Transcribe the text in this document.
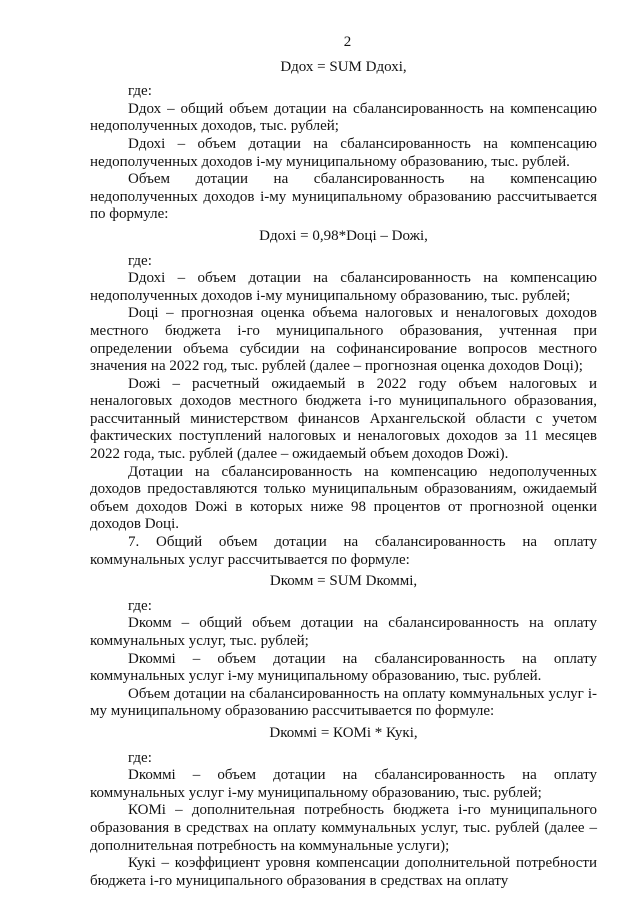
2
Dдох = SUM Dдохi,
где:

Dдох – общий объем дотации на сбалансированность на компенсацию недополученных доходов, тыс. рублей;

Dдохi – объем дотации на сбалансированность на компенсацию недополученных доходов i-му муниципальному образованию, тыс. рублей.

Объем дотации на сбалансированность на компенсацию недополученных доходов i-му муниципальному образованию рассчитывается по формуле:

Dдохi = 0,98*Dоцi – Dожi,
где:

Dдохi – объем дотации на сбалансированность на компенсацию недополученных доходов i-му муниципальному образованию, тыс. рублей;

Dоцi – прогнозная оценка объема налоговых и неналоговых доходов местного бюджета i-го муниципального образования, учтенная при определении объема субсидии на софинансирование вопросов местного значения на 2022 год, тыс. рублей (далее – прогнозная оценка доходов Dоцi);

Dожi – расчетный ожидаемый в 2022 году объем налоговых и неналоговых доходов местного бюджета i-го муниципального образования, рассчитанный министерством финансов Архангельской области с учетом фактических поступлений налоговых и неналоговых доходов за 11 месяцев 2022 года, тыс. рублей (далее – ожидаемый объем доходов Dожi).

Дотации на сбалансированность на компенсацию недополученных доходов предоставляются только муниципальным образованиям, ожидаемый объем доходов Dожi в которых ниже 98 процентов от прогнозной оценки доходов Dоцi.

7. Общий объем дотации на сбалансированность на оплату коммунальных услуг рассчитывается по формуле:

Dкомм = SUM Dкоммi,
где:

Dкомм – общий объем дотации на сбалансированность на оплату коммунальных услуг, тыс. рублей;

Dкоммi – объем дотации на сбалансированность на оплату коммунальных услуг i-му муниципальному образованию, тыс. рублей.

Объем дотации на сбалансированность на оплату коммунальных услуг i-му муниципальному образованию рассчитывается по формуле:

Dкоммi = КОМi * Кукi,
где:

Dкоммi – объем дотации на сбалансированность на оплату коммунальных услуг i-му муниципальному образованию, тыс. рублей;

КОМi – дополнительная потребность бюджета i-го муниципального образования в средствах на оплату коммунальных услуг, тыс. рублей (далее – дополнительная потребность на коммунальные услуги);

Кукi – коэффициент уровня компенсации дополнительной потребности бюджета i-го муниципального образования в средствах на оплату
